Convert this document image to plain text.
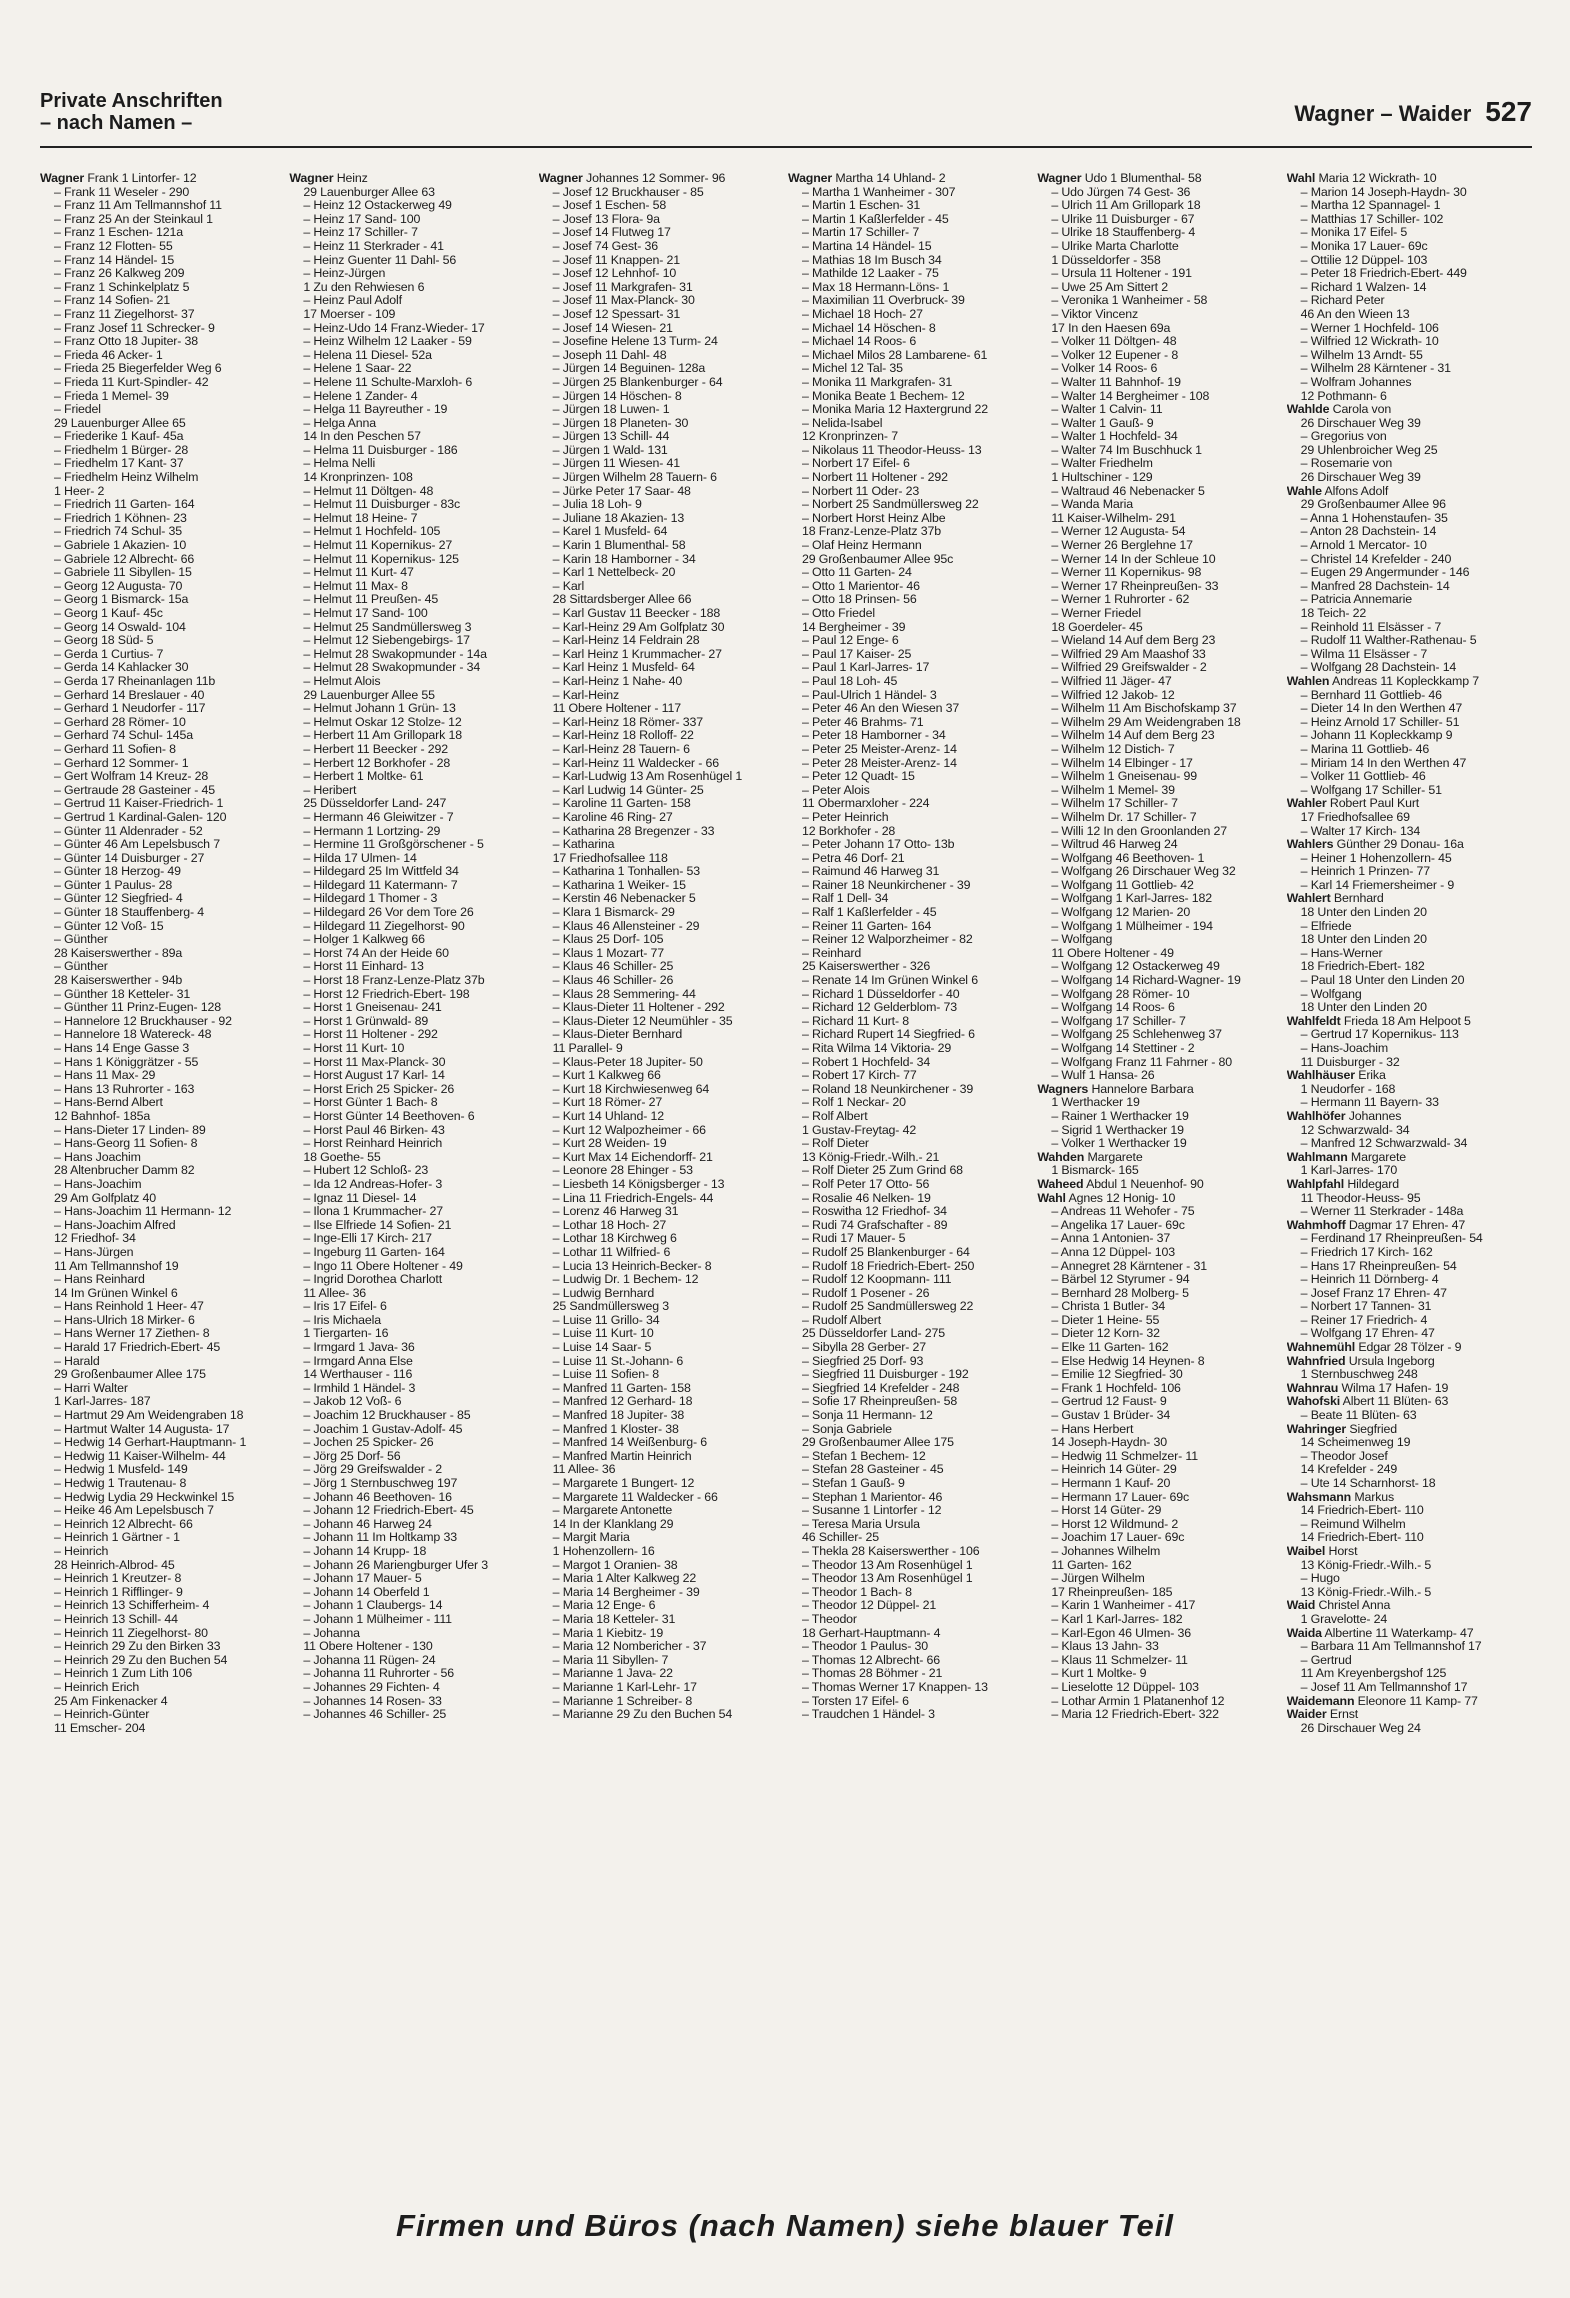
Private Anschriften
– nach Namen –	Wagner – Waider 527
Wagner Frank 1 Lintorfer- 12
– Frank 11 Weseler - 290
– Franz 11 Am Tellmannshof 11
– Franz 25 An der Steinkaul 1
– Franz 1 Eschen- 121a
– Franz 12 Flotten- 55
– Franz 14 Händel- 15
– Franz 26 Kalkweg 209
– Franz 1 Schinkelplatz 5
– Franz 14 Sofien- 21
– Franz 11 Ziegelhorst- 37
– Franz Josef 11 Schrecker- 9
– Franz Otto 18 Jupiter- 38
– Frieda 46 Acker- 1
– Frieda 25 Biegerfelder Weg 6
– Frieda 11 Kurt-Spindler- 42
– Frieda 1 Memel- 39
– Friedel
29 Lauenburger Allee 65
– Friederike 1 Kauf- 45a
– Friedhelm 1 Bürger- 28
– Friedhelm 17 Kant- 37
– Friedhelm Heinz Wilhelm
1 Heer- 2
– Friedrich 11 Garten- 164
– Friedrich 1 Köhnen- 23
– Friedrich 74 Schul- 35
– Gabriele 1 Akazien- 10
– Gabriele 12 Albrecht- 66
– Gabriele 11 Sibyllen- 15
– Georg 12 Augusta- 70
– Georg 1 Bismarck- 15a
– Georg 1 Kauf- 45c
– Georg 14 Oswald- 104
– Georg 18 Süd- 5
– Gerda 1 Curtius- 7
– Gerda 14 Kahlacker 30
– Gerda 17 Rheinanlagen 11b
– Gerhard 14 Breslauer - 40
– Gerhard 1 Neudorfer - 117
– Gerhard 28 Römer- 10
– Gerhard 74 Schul- 145a
– Gerhard 11 Sofien- 8
– Gerhard 12 Sommer- 1
– Gert Wolfram 14 Kreuz- 28
– Gertraude 28 Gasteiner - 45
– Gertrud 11 Kaiser-Friedrich- 1
– Gertrud 1 Kardinal-Galen- 120
– Günter 11 Aldenrader - 52
– Günter 46 Am Lepelsbusch 7
– Günter 14 Duisburger - 27
– Günter 18 Herzog- 49
– Günter 1 Paulus- 28
– Günter 12 Siegfried- 4
– Günter 18 Stauffenberg- 4
– Günter 12 Voß- 15
– Günther
28 Kaiserswerther - 89a
– Günther
28 Kaiserswerther - 94b
– Günther 18 Ketteler- 31
– Günther 11 Prinz-Eugen- 128
– Hannelore 12 Bruckhauser - 92
– Hannelore 18 Watereck- 48
– Hans 14 Enge Gasse 3
– Hans 1 Königgrätzer - 55
– Hans 11 Max- 29
– Hans 13 Ruhrorter - 163
– Hans-Bernd Albert
12 Bahnhof- 185a
– Hans-Dieter 17 Linden- 89
– Hans-Georg 11 Sofien- 8
– Hans Joachim
28 Altenbrucher Damm 82
– Hans-Joachim
29 Am Golfplatz 40
– Hans-Joachim 11 Hermann- 12
– Hans-Joachim Alfred
12 Friedhof- 34
– Hans-Jürgen
11 Am Tellmannshof 19
– Hans Reinhard
14 Im Grünen Winkel 6
– Hans Reinhold 1 Heer- 47
– Hans-Ulrich 18 Mirker- 6
– Hans Werner 17 Ziethen- 8
– Harald 17 Friedrich-Ebert- 45
– Harald
29 Großenbaumer Allee 175
– Harri Walter
1 Karl-Jarres- 187
– Hartmut 29 Am Weidengraben 18
– Hartmut Walter 14 Augusta- 17
– Hedwig 14 Gerhart-Hauptmann- 1
– Hedwig 11 Kaiser-Wilhelm- 44
– Hedwig 1 Musfeld- 149
– Hedwig 1 Trautenau- 8
– Hedwig Lydia 29 Heckwinkel 15
– Heike 46 Am Lepelsbusch 7
– Heinrich 12 Albrecht- 66
– Heinrich 1 Gärtner - 1
– Heinrich
28 Heinrich-Albrod- 45
– Heinrich 1 Kreutzer- 8
– Heinrich 1 Rifflinger- 9
– Heinrich 13 Schifferheim- 4
– Heinrich 13 Schill- 44
– Heinrich 11 Ziegelhorst- 80
– Heinrich 29 Zu den Birken 33
– Heinrich 29 Zu den Buchen 54
– Heinrich 1 Zum Lith 106
– Heinrich Erich
25 Am Finkenacker 4
– Heinrich-Günter
11 Emscher- 204
Wagner Heinz
29 Lauenburger Allee 63
– Heinz 12 Ostackerweg 49
– Heinz 17 Sand- 100
– Heinz 17 Schiller- 7
– Heinz 11 Sterkrader - 41
– Heinz Guenter 11 Dahl- 56
– Heinz-Jürgen
1 Zu den Rehwiesen 6
– Heinz Paul Adolf
17 Moerser - 109
– Heinz-Udo 14 Franz-Wieder- 17
– Heinz Wilhelm 12 Laaker - 59
– Helena 11 Diesel- 52a
– Helene 1 Saar- 22
– Helene 11 Schulte-Marxloh- 6
– Helene 1 Zander- 4
– Helga 11 Bayreuther - 19
– Helga Anna
14 In den Peschen 57
– Helma 11 Duisburger - 186
– Helma Nelli
14 Kronprinzen- 108
– Helmut 11 Döltgen- 48
– Helmut 11 Duisburger - 83c
– Helmut 18 Heine- 7
– Helmut 1 Hochfeld- 105
– Helmut 11 Kopernikus- 27
– Helmut 11 Kopernikus- 125
– Helmut 11 Kurt- 47
– Helmut 11 Max- 8
– Helmut 11 Preußen- 45
– Helmut 17 Sand- 100
– Helmut 25 Sandmüllersweg 3
– Helmut 12 Siebengebirgs- 17
– Helmut 28 Swakopmunder - 14a
– Helmut 28 Swakopmunder - 34
– Helmut Alois
29 Lauenburger Allee 55
– Helmut Johann 1 Grün- 13
– Helmut Oskar 12 Stolze- 12
– Herbert 11 Am Grillopark 18
– Herbert 11 Beecker - 292
– Herbert 12 Borkhofer - 28
– Herbert 1 Moltke- 61
– Heribert
25 Düsseldorfer Land- 247
– Hermann 46 Gleiwitzer - 7
– Hermann 1 Lortzing- 29
– Hermine 11 Großgörschener - 5
– Hilda 17 Ulmen- 14
– Hildegard 25 Im Wittfeld 34
– Hildegard 11 Katermann- 7
– Hildegard 1 Thomer - 3
– Hildegard 26 Vor dem Tore 26
– Hildegard 11 Ziegelhorst- 90
– Holger 1 Kalkweg 66
– Horst 74 An der Heide 60
– Horst 11 Einhard- 13
– Horst 18 Franz-Lenze-Platz 37b
– Horst 12 Friedrich-Ebert- 198
– Horst 1 Gneisenau- 241
– Horst 1 Grünwald- 89
– Horst 11 Holtener - 292
– Horst 11 Kurt- 10
– Horst 11 Max-Planck- 30
– Horst August 17 Karl- 14
– Horst Erich 25 Spicker- 26
– Horst Günter 1 Bach- 8
– Horst Günter 14 Beethoven- 6
– Horst Paul 46 Birken- 43
– Horst Reinhard Heinrich
18 Goethe- 55
– Hubert 12 Schloß- 23
– Ida 12 Andreas-Hofer- 3
– Ignaz 11 Diesel- 14
– Ilona 1 Krummacher- 27
– Ilse Elfriede 14 Sofien- 21
– Inge-Elli 17 Kirch- 217
– Ingeburg 11 Garten- 164
– Ingo 11 Obere Holtener - 49
– Ingrid Dorothea Charlott
11 Allee- 36
– Iris 17 Eifel- 6
– Iris Michaela
1 Tiergarten- 16
– Irmgard 1 Java- 36
– Irmgard Anna Else
14 Werthauser - 116
– Irmhild 1 Händel- 3
– Jakob 12 Voß- 6
– Joachim 12 Bruckhauser - 85
– Joachim 1 Gustav-Adolf- 45
– Jochen 25 Spicker- 26
– Jörg 25 Dorf- 56
– Jörg 29 Greifswalder - 2
– Jörg 1 Sternbuschweg 197
– Johann 46 Beethoven- 16
– Johann 12 Friedrich-Ebert- 45
– Johann 46 Harweg 24
– Johann 11 Im Holtkamp 33
– Johann 14 Krupp- 18
– Johann 26 Mariengburger Ufer 3
– Johann 17 Mauer- 5
– Johann 14 Oberfeld 1
– Johann 1 Claubergs- 14
– Johann 1 Mülheimer - 111
– Johanna
11 Obere Holtener - 130
– Johanna 11 Rügen- 24
– Johanna 11 Ruhrorter - 56
– Johannes 29 Fichten- 4
– Johannes 14 Rosen- 33
– Johannes 46 Schiller- 25
Wagner Johannes 12 Sommer- 96
– Josef 12 Bruckhauser - 85
– Josef 1 Eschen- 58
– Josef 13 Flora- 9a
– Josef 14 Flutweg 17
– Josef 74 Gest- 36
– Josef 11 Knappen- 21
– Josef 12 Lehnhof- 10
– Josef 11 Markgrafen- 31
– Josef 11 Max-Planck- 30
– Josef 12 Spessart- 31
– Josef 14 Wiesen- 21
– Josefine Helene 13 Turm- 24
– Joseph 11 Dahl- 48
– Jürgen 14 Beguinen- 128a
– Jürgen 25 Blankenburger - 64
– Jürgen 14 Höschen- 8
– Jürgen 18 Luwen- 1
– Jürgen 18 Planeten- 30
– Jürgen 13 Schill- 44
– Jürgen 1 Wald- 131
– Jürgen 11 Wiesen- 41
– Jürgen Wilhelm 28 Tauern- 6
– Jürke Peter 17 Saar- 48
– Julia 18 Loh- 9
– Juliane 18 Akazien- 13
– Karel 1 Musfeld- 64
– Karin 1 Blumenthal- 58
– Karin 18 Hamborner - 34
– Karl 1 Nettelbeck- 20
– Karl
28 Sittardsberger Allee 66
– Karl Gustav 11 Beecker - 188
– Karl-Heinz 29 Am Golfplatz 30
– Karl-Heinz 14 Feldrain 28
– Karl Heinz 1 Krummacher- 27
– Karl Heinz 1 Musfeld- 64
– Karl-Heinz 1 Nahe- 40
– Karl-Heinz
11 Obere Holtener - 117
– Karl-Heinz 18 Römer- 337
– Karl-Heinz 18 Rolloff- 22
– Karl-Heinz 28 Tauern- 6
– Karl-Heinz 11 Waldecker - 66
– Karl-Ludwig 13 Am Rosenhügel 1
– Karl Ludwig 14 Günter- 25
– Karoline 11 Garten- 158
– Karoline 46 Ring- 27
– Katharina 28 Bregenzer - 33
– Katharina
17 Friedhofsallee 118
– Katharina 1 Tonhallen- 53
– Katharina 1 Weiker- 15
– Kerstin 46 Nebenacker 5
– Klara 1 Bismarck- 29
– Klaus 46 Allensteiner - 29
– Klaus 25 Dorf- 105
– Klaus 1 Mozart- 77
– Klaus 46 Schiller- 25
– Klaus 46 Schiller- 26
– Klaus 28 Semmering- 44
– Klaus-Dieter 11 Holtener - 292
– Klaus-Dieter 12 Neumühler - 35
– Klaus-Dieter Bernhard
11 Parallel- 9
– Klaus-Peter 18 Jupiter- 50
– Kurt 1 Kalkweg 66
– Kurt 18 Kirchwiesenweg 64
– Kurt 18 Römer- 27
– Kurt 14 Uhland- 12
– Kurt 12 Walpozheimer - 66
– Kurt 28 Weiden- 19
– Kurt Max 14 Eichendorff- 21
– Leonore 28 Ehinger - 53
– Liesbeth 14 Königsberger - 13
– Lina 11 Friedrich-Engels- 44
– Lorenz 46 Harweg 31
– Lothar 18 Hoch- 27
– Lothar 18 Kirchweg 6
– Lothar 11 Wilfried- 6
– Lucia 13 Heinrich-Becker- 8
– Ludwig Dr. 1 Bechem- 12
– Ludwig Bernhard
25 Sandmüllersweg 3
– Luise 11 Grillo- 34
– Luise 11 Kurt- 10
– Luise 14 Saar- 5
– Luise 11 St.-Johann- 6
– Luise 11 Sofien- 8
– Manfred 11 Garten- 158
– Manfred 12 Gerhard- 18
– Manfred 18 Jupiter- 38
– Manfred 1 Kloster- 38
– Manfred 14 Weißenburg- 6
– Manfred Martin Heinrich
11 Allee- 36
– Margarete 1 Bungert- 12
– Margarete 11 Waldecker - 66
– Margarete Antonette
14 In der Klanklang 29
– Margit Maria
1 Hohenzollern- 16
– Margot 1 Oranien- 38
– Maria 1 Alter Kalkweg 22
– Maria 14 Bergheimer - 39
– Maria 12 Enge- 6
– Maria 18 Ketteler- 31
– Maria 1 Kiebitz- 19
– Maria 12 Nombericher - 37
– Maria 11 Sibyllen- 7
– Marianne 1 Java- 22
– Marianne 1 Karl-Lehr- 17
– Marianne 1 Schreiber- 8
– Marianne 29 Zu den Buchen 54
Wagner Martha 14 Uhland- 2
– Martha 1 Wanheimer - 307
– Martin 1 Eschen- 31
– Martin 1 Kaßlerfelder - 45
– Martin 17 Schiller- 7
– Martina 14 Händel- 15
– Mathias 18 Im Busch 34
– Mathilde 12 Laaker - 75
– Max 18 Hermann-Löns- 1
– Maximilian 11 Overbruck- 39
– Michael 18 Hoch- 27
– Michael 14 Höschen- 8
– Michael 14 Roos- 6
– Michael Milos 28 Lambarene- 61
– Michel 12 Tal- 35
– Monika 11 Markgrafen- 31
– Monika Beate 1 Bechem- 12
– Monika Maria 12 Haxtergrund 22
– Nelida-Isabel
12 Kronprinzen- 7
– Nikolaus 11 Theodor-Heuss- 13
– Norbert 17 Eifel- 6
– Norbert 11 Holtener - 292
– Norbert 11 Oder- 23
– Norbert 25 Sandmüllersweg 22
– Norbert Horst Heinz Albe
18 Franz-Lenze-Platz 37b
– Olaf Heinz Hermann
29 Großenbaumer Allee 95c
– Otto 11 Garten- 24
– Otto 1 Marientor- 46
– Otto 18 Prinsen- 56
– Otto Friedel
14 Bergheimer - 39
– Paul 12 Enge- 6
– Paul 17 Kaiser- 25
– Paul 1 Karl-Jarres- 17
– Paul 18 Loh- 45
– Paul-Ulrich 1 Händel- 3
– Peter 46 An den Wiesen 37
– Peter 46 Brahms- 71
– Peter 18 Hamborner - 34
– Peter 25 Meister-Arenz- 14
– Peter 28 Meister-Arenz- 14
– Peter 12 Quadt- 15
– Peter Alois
11 Obermarxloher - 224
– Peter Heinrich
12 Borkhofer - 28
– Peter Johann 17 Otto- 13b
– Petra 46 Dorf- 21
– Raimund 46 Harweg 31
– Rainer 18 Neunkirchener - 39
– Ralf 1 Dell- 34
– Ralf 1 Kaßlerfelder - 45
– Reiner 11 Garten- 164
– Reiner 12 Walporzheimer - 82
– Reinhard
25 Kaiserswerther - 326
– Renate 14 Im Grünen Winkel 6
– Richard 1 Düsseldorfer - 40
– Richard 12 Gelderblom- 73
– Richard 11 Kurt- 8
– Richard Rupert 14 Siegfried- 6
– Rita Wilma 14 Viktoria- 29
– Robert 1 Hochfeld- 34
– Robert 17 Kirch- 77
– Roland 18 Neunkirchener - 39
– Rolf 1 Neckar- 20
– Rolf Albert
1 Gustav-Freytag- 42
– Rolf Dieter
13 König-Friedr.-Wilh.- 21
– Rolf Dieter 25 Zum Grind 68
– Rolf Peter 17 Otto- 56
– Rosalie 46 Nelken- 19
– Roswitha 12 Friedhof- 34
– Rudi 74 Grafschafter - 89
– Rudi 17 Mauer- 5
– Rudolf 25 Blankenburger - 64
– Rudolf 18 Friedrich-Ebert- 250
– Rudolf 12 Koopmann- 111
– Rudolf 1 Posener - 26
– Rudolf 25 Sandmüllersweg 22
– Rudolf Albert
25 Düsseldorfer Land- 275
– Sibylla 28 Gerber- 27
– Siegfried 25 Dorf- 93
– Siegfried 11 Duisburger - 192
– Siegfried 14 Krefelder - 248
– Sofie 17 Rheinpreußen- 58
– Sonja 11 Hermann- 12
– Sonja Gabriele
29 Großenbaumer Allee 175
– Stefan 1 Bechem- 12
– Stefan 28 Gasteiner - 45
– Stefan 1 Gauß- 9
– Stephan 1 Marientor- 46
– Susanne 1 Lintorfer - 12
– Teresa Maria Ursula
46 Schiller- 25
– Thekla 28 Kaiserswerther - 106
– Theodor 13 Am Rosenhügel 1
– Theodor 13 Am Rosenhügel 1
– Theodor 1 Bach- 8
– Theodor 12 Düppel- 21
– Theodor
18 Gerhart-Hauptmann- 4
– Theodor 1 Paulus- 30
– Thomas 12 Albrecht- 66
– Thomas 28 Böhmer - 21
– Thomas Werner 17 Knappen- 13
– Torsten 17 Eifel- 6
– Traudchen 1 Händel- 3
Wagner Udo 1 Blumenthal- 58
– Udo Jürgen 74 Gest- 36
– Ulrich 11 Am Grillopark 18
– Ulrike 11 Duisburger - 67
– Ulrike 18 Stauffenberg- 4
– Ulrike Marta Charlotte
1 Düsseldorfer - 358
– Ursula 11 Holtener - 191
– Uwe 25 Am Sittert 2
– Veronika 1 Wanheimer - 58
– Viktor Vincenz
17 In den Haesen 69a
– Volker 11 Döltgen- 48
– Volker 12 Eupener - 8
– Volker 14 Roos- 6
– Walter 11 Bahnhof- 19
– Walter 14 Bergheimer - 108
– Walter 1 Calvin- 11
– Walter 1 Gauß- 9
– Walter 1 Hochfeld- 34
– Walter 74 Im Buschhuck 1
– Walter Friedhelm
1 Hultschiner - 129
– Waltraud 46 Nebenacker 5
– Wanda Maria
11 Kaiser-Wilhelm- 291
– Werner 12 Augusta- 54
– Werner 26 Berglehne 17
– Werner 14 In der Schleue 10
– Werner 11 Kopernikus- 98
– Werner 17 Rheinpreußen- 33
– Werner 1 Ruhrorter - 62
– Werner Friedel
18 Goerdeler- 45
– Wieland 14 Auf dem Berg 23
– Wilfried 29 Am Maashof 33
– Wilfried 29 Greifswalder - 2
– Wilfried 11 Jäger- 47
– Wilfried 12 Jakob- 12
– Wilhelm 11 Am Bischofskamp 37
– Wilhelm 29 Am Weidengraben 18
– Wilhelm 14 Auf dem Berg 23
– Wilhelm 12 Distich- 7
– Wilhelm 14 Elbinger - 17
– Wilhelm 1 Gneisenau- 99
– Wilhelm 1 Memel- 39
– Wilhelm 17 Schiller- 7
– Wilhelm Dr. 17 Schiller- 7
– Willi 12 In den Groonlanden 27
– Wiltrud 46 Harweg 24
– Wolfgang 46 Beethoven- 1
– Wolfgang 26 Dirschauer Weg 32
– Wolfgang 11 Gottlieb- 42
– Wolfgang 1 Karl-Jarres- 182
– Wolfgang 12 Marien- 20
– Wolfgang 1 Mülheimer - 194
– Wolfgang
11 Obere Holtener - 49
– Wolfgang 12 Ostackerweg 49
– Wolfgang 14 Richard-Wagner- 19
– Wolfgang 28 Römer- 10
– Wolfgang 14 Roos- 6
– Wolfgang 17 Schiller- 7
– Wolfgang 25 Schlehenweg 37
– Wolfgang 14 Stettiner - 2
– Wolfgang Franz 11 Fahrner - 80
– Wulf 1 Hansa- 26
Wagners Hannelore Barbara
1 Werthacker 19
– Rainer 1 Werthacker 19
– Sigrid 1 Werthacker 19
– Volker 1 Werthacker 19
Wahden Margarete
1 Bismarck- 165
Waheed Abdul 1 Neuenhof- 90
Wahl Agnes 12 Honig- 10
– Andreas 11 Wehofer - 75
– Angelika 17 Lauer- 69c
– Anna 1 Antonien- 37
– Anna 12 Düppel- 103
– Annegret 28 Kärntener - 31
– Bärbel 12 Styrumer - 94
– Bernhard 28 Molberg- 5
– Christa 1 Butler- 34
– Dieter 1 Heine- 55
– Dieter 12 Korn- 32
– Elke 11 Garten- 162
– Else Hedwig 14 Heynen- 8
– Emilie 12 Siegfried- 30
– Frank 1 Hochfeld- 106
– Gertrud 12 Faust- 9
– Gustav 1 Brüder- 34
– Hans Herbert
14 Joseph-Haydn- 30
– Hedwig 11 Schmelzer- 11
– Heinrich 14 Güter- 29
– Hermann 1 Kauf- 20
– Hermann 17 Lauer- 69c
– Horst 14 Güter- 29
– Horst 12 Wildmund- 2
– Joachim 17 Lauer- 69c
– Johannes Wilhelm
11 Garten- 162
– Jürgen Wilhelm
17 Rheinpreußen- 185
– Karin 1 Wanheimer - 417
– Karl 1 Karl-Jarres- 182
– Karl-Egon 46 Ulmen- 36
– Klaus 13 Jahn- 33
– Klaus 11 Schmelzer- 11
– Kurt 1 Moltke- 9
– Lieselotte 12 Düppel- 103
– Lothar Armin 1 Platanenhof 12
– Maria 12 Friedrich-Ebert- 322
Wahl Maria 12 Wickrath- 10
– Marion 14 Joseph-Haydn- 30
– Martha 12 Spannagel- 1
– Matthias 17 Schiller- 102
– Monika 17 Eifel- 5
– Monika 17 Lauer- 69c
– Ottilie 12 Düppel- 103
– Peter 18 Friedrich-Ebert- 449
– Richard 1 Walzen- 14
– Richard Peter
46 An den Wieen 13
– Werner 1 Hochfeld- 106
– Wilfried 12 Wickrath- 10
– Wilhelm 13 Arndt- 55
– Wilhelm 28 Kärntener - 31
– Wolfram Johannes
12 Pothmann- 6
Wahlde Carola von
26 Dirschauer Weg 39
– Gregorius von
29 Uhlenbroicher Weg 25
– Rosemarie von
26 Dirschauer Weg 39
Wahle Alfons Adolf
29 Großenbaumer Allee 96
– Anna 1 Hohenstaufen- 35
– Anton 28 Dachstein- 14
– Arnold 1 Mercator- 10
– Christel 14 Krefelder - 240
– Eugen 29 Angermunder - 146
– Manfred 28 Dachstein- 14
– Patricia Annemarie
18 Teich- 22
– Reinhold 11 Elsässer - 7
– Rudolf 11 Walther-Rathenau- 5
– Wilma 11 Elsässer - 7
– Wolfgang 28 Dachstein- 14
Wahlen Andreas 11 Kopleckkamp 7
– Bernhard 11 Gottlieb- 46
– Dieter 14 In den Werthen 47
– Heinz Arnold 17 Schiller- 51
– Johann 11 Kopleckkamp 9
– Marina 11 Gottlieb- 46
– Miriam 14 In den Werthen 47
– Volker 11 Gottlieb- 46
– Wolfgang 17 Schiller- 51
Wahler Robert Paul Kurt
17 Friedhofsallee 69
– Walter 17 Kirch- 134
Wahlers Günther 29 Donau- 16a
– Heiner 1 Hohenzollern- 45
– Heinrich 1 Prinzen- 77
– Karl 14 Friemersheimer - 9
Wahlert Bernhard
18 Unter den Linden 20
– Elfriede
18 Unter den Linden 20
– Hans-Werner
18 Friedrich-Ebert- 182
– Paul 18 Unter den Linden 20
– Wolfgang
18 Unter den Linden 20
Wahlfeldt Frieda 18 Am Helpoot 5
– Gertrud 17 Kopernikus- 113
– Hans-Joachim
11 Duisburger - 32
Wahlhäuser Erika
1 Neudorfer - 168
– Hermann 11 Bayern- 33
Wahlhöfer Johannes
12 Schwarzwald- 34
– Manfred 12 Schwarzwald- 34
Wahlmann Margarete
1 Karl-Jarres- 170
Wahlpfahl Hildegard
11 Theodor-Heuss- 95
– Werner 11 Sterkrader - 148a
Wahmhoff Dagmar 17 Ehren- 47
– Ferdinand 17 Rheinpreußen- 54
– Friedrich 17 Kirch- 162
– Hans 17 Rheinpreußen- 54
– Heinrich 11 Dörnberg- 4
– Josef Franz 17 Ehren- 47
– Norbert 17 Tannen- 31
– Reiner 17 Friedrich- 4
– Wolfgang 17 Ehren- 47
Wahnemühl Edgar 28 Tölzer - 9
Wahnfried Ursula Ingeborg
1 Sternbuschweg 248
Wahnrau Wilma 17 Hafen- 19
Wahofski Albert 11 Blüten- 63
– Beate 11 Blüten- 63
Wahringer Siegfried
14 Scheimenweg 19
– Theodor Josef
14 Krefelder - 249
– Ute 14 Scharnhorst- 18
Wahsmann Markus
14 Friedrich-Ebert- 110
– Reimund Wilhelm
14 Friedrich-Ebert- 110
Waibel Horst
13 König-Friedr.-Wilh.- 5
– Hugo
13 König-Friedr.-Wilh.- 5
Waid Christel Anna
1 Gravelotte- 24
Waida Albertine 11 Waterkamp- 47
– Barbara 11 Am Tellmannshof 17
– Gertrud
11 Am Kreyenbergshof 125
– Josef 11 Am Tellmannshof 17
Waidemann Eleonore 11 Kamp- 77
Waider Ernst
26 Dirschauer Weg 24
Firmen und Büros (nach Namen) siehe blauer Teil
